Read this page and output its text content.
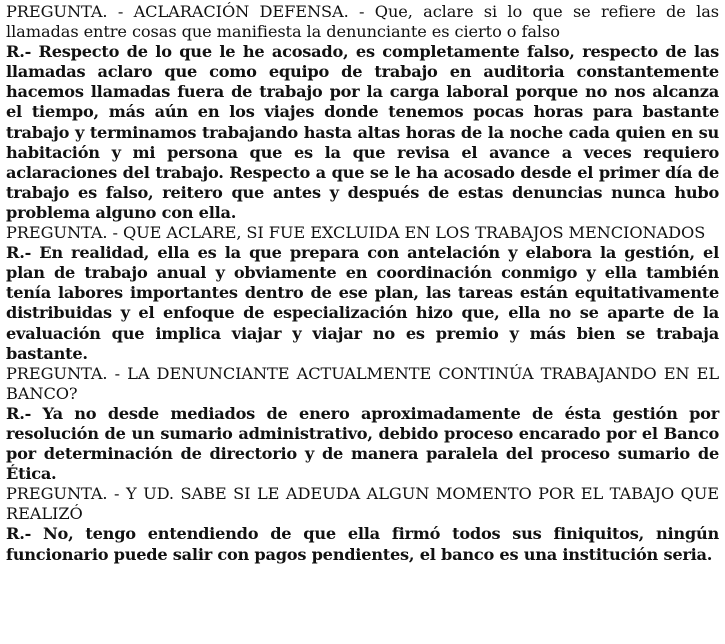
PREGUNTA. - ACLARACIÓN DEFENSA. - Que, aclare si lo que se refiere de las llamadas entre cosas que manifiesta la denunciante es cierto o falso

R.- Respecto de lo que le he acosado, es completamente falso, respecto de las llamadas aclaro que como equipo de trabajo en auditoria constantemente hacemos llamadas fuera de trabajo por la carga laboral porque no nos alcanza el tiempo, más aún en los viajes donde tenemos pocas horas para bastante trabajo y terminamos trabajando hasta altas horas de la noche cada quien en su habitación y mi persona que es la que revisa el avance a veces requiero aclaraciones del trabajo. Respecto a que se le ha acosado desde el primer día de trabajo es falso, reitero que antes y después de estas denuncias nunca hubo problema alguno con ella.

PREGUNTA. - QUE ACLARE, SI FUE EXCLUIDA EN LOS TRABAJOS MENCIONADOS

R.- En realidad, ella es la que prepara con antelación y elabora la gestión, el plan de trabajo anual y obviamente en coordinación conmigo y ella también tenía labores importantes dentro de ese plan, las tareas están equitativamente distribuidas y el enfoque de especialización hizo que, ella no se aparte de la evaluación que implica viajar y viajar no es premio y más bien se trabaja bastante.

PREGUNTA. - LA DENUNCIANTE ACTUALMENTE CONTINÚA TRABAJANDO EN EL BANCO?

R.- Ya no desde mediados de enero aproximadamente de ésta gestión por resolución de un sumario administrativo, debido proceso encarado por el Banco por determinación de directorio y de manera paralela del proceso sumario de Ética.

PREGUNTA. - Y UD. SABE SI LE ADEUDA ALGUN MOMENTO POR EL TABAJO QUE REALIZÓ

R.- No, tengo entendiendo de que ella firmó todos sus finiquitos, ningún funcionario puede salir con pagos pendientes, el banco es una institución seria.
